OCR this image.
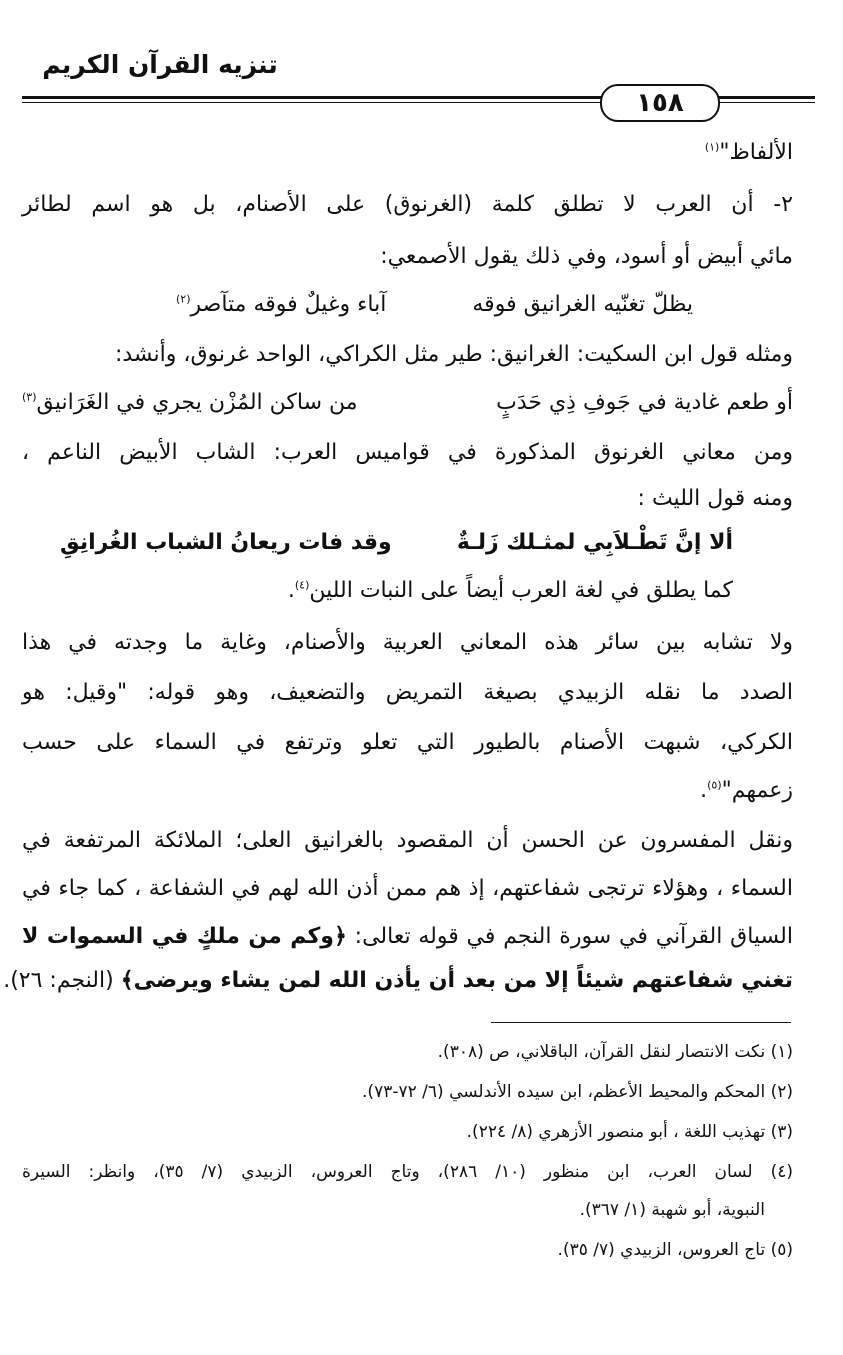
تنزيه القرآن الكريم
١٥٨
الألفاظ"$^{(١)}$
٢- أن العرب لا تطلق كلمة (الغرنوق) على الأصنام، بل هو اسم لطائر
مائي أبيض أو أسود، وفي ذلك يقول الأصمعي:
يظلّ تغنّيه الغرانيق فوقه
آباء وغيلٌ فوقه متآصر$^{(٢)}$
ومثله قول ابن السكيت: الغرانيق: طير مثل الكراكي، الواحد غرنوق، وأنشد:
أو طعم غادية في جَوفِ ذِي حَدَبٍ
من ساكن المُزْن يجري في الغَرَانيق$^{(٣)}$
ومن معاني الغرنوق المذكورة في قواميس العرب: الشاب الأبيض الناعم ،
ومنه قول الليث :
ألا إنَّ تَطْـلاَبِي لمثـلك زَلـةٌ
وقد فات ريعانُ الشباب الغُرانِقِ
كما يطلق في لغة العرب أيضاً على النبات اللين$^{(٤)}$.
ولا تشابه بين سائر هذه المعاني العربية والأصنام، وغاية ما وجدته في هذا
الصدد ما نقله الزبيدي بصيغة التمريض والتضعيف، وهو قوله: "وقيل: هو
الكركي، شبهت الأصنام بالطيور التي تعلو وترتفع في السماء على حسب
زعمهم"$^{(٥)}$.
ونقل المفسرون عن الحسن أن المقصود بالغرانيق العلى؛ الملائكة المرتفعة في
السماء ، وهؤلاء ترتجى شفاعتهم، إذ هم ممن أذن الله لهم في الشفاعة ، كما جاء في
السياق القرآني في سورة النجم في قوله تعالى: ﴿وكم من ملكٍ في السموات لا
تغني شفاعتهم شيئاً إلا من بعد أن يأذن الله لمن يشاء ويرضى﴾ (النجم: ٢٦).
(١) نكت الانتصار لنقل القرآن، الباقلاني، ص (٣٠٨).
(٢) المحكم والمحيط الأعظم، ابن سيده الأندلسي (٦/ ٧٢-٧٣).
(٣) تهذيب اللغة ، أبو منصور الأزهري (٨/ ٢٢٤).
(٤) لسان العرب، ابن منظور (١٠/ ٢٨٦)، وتاج العروس، الزبيدي (٧/ ٣٥)، وانظر: السيرة
النبوية، أبو شهبة (١/ ٣٦٧).
(٥) تاج العروس، الزبيدي (٧/ ٣٥).
